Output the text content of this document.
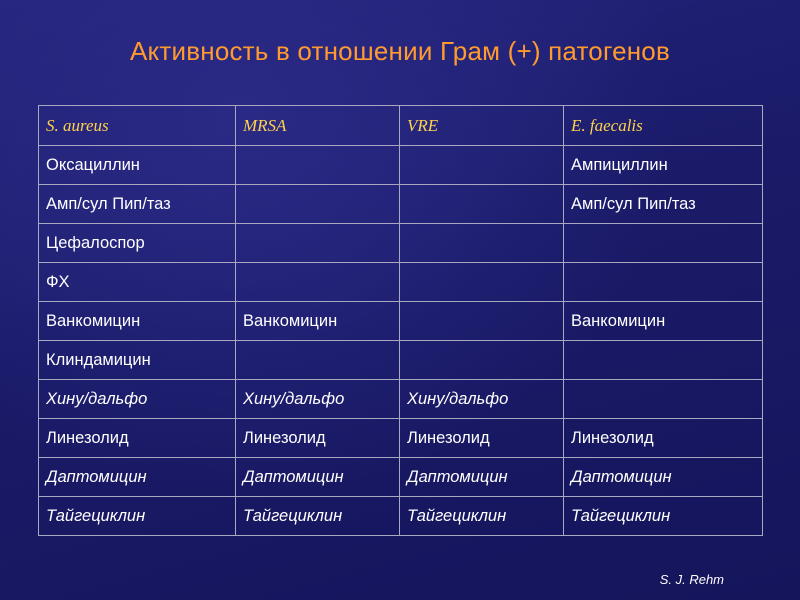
Активность в отношении Грам (+) патогенов
S. aureus	MRSA	VRE	E. faecalis
Оксациллин			Ампициллин
Амп/сул Пип/таз			Амп/сул Пип/таз
Цефалоспор			
ФХ			
Ванкомицин	Ванкомицин		Ванкомицин
Клиндамицин			
Хину/дальфо	Хину/дальфо	Хину/дальфо	
Линезолид	Линезолид	Линезолид	Линезолид
Даптомицин	Даптомицин	Даптомицин	Даптомицин
Тайгециклин	Тайгециклин	Тайгециклин	Тайгециклин
S. J. Rehm
